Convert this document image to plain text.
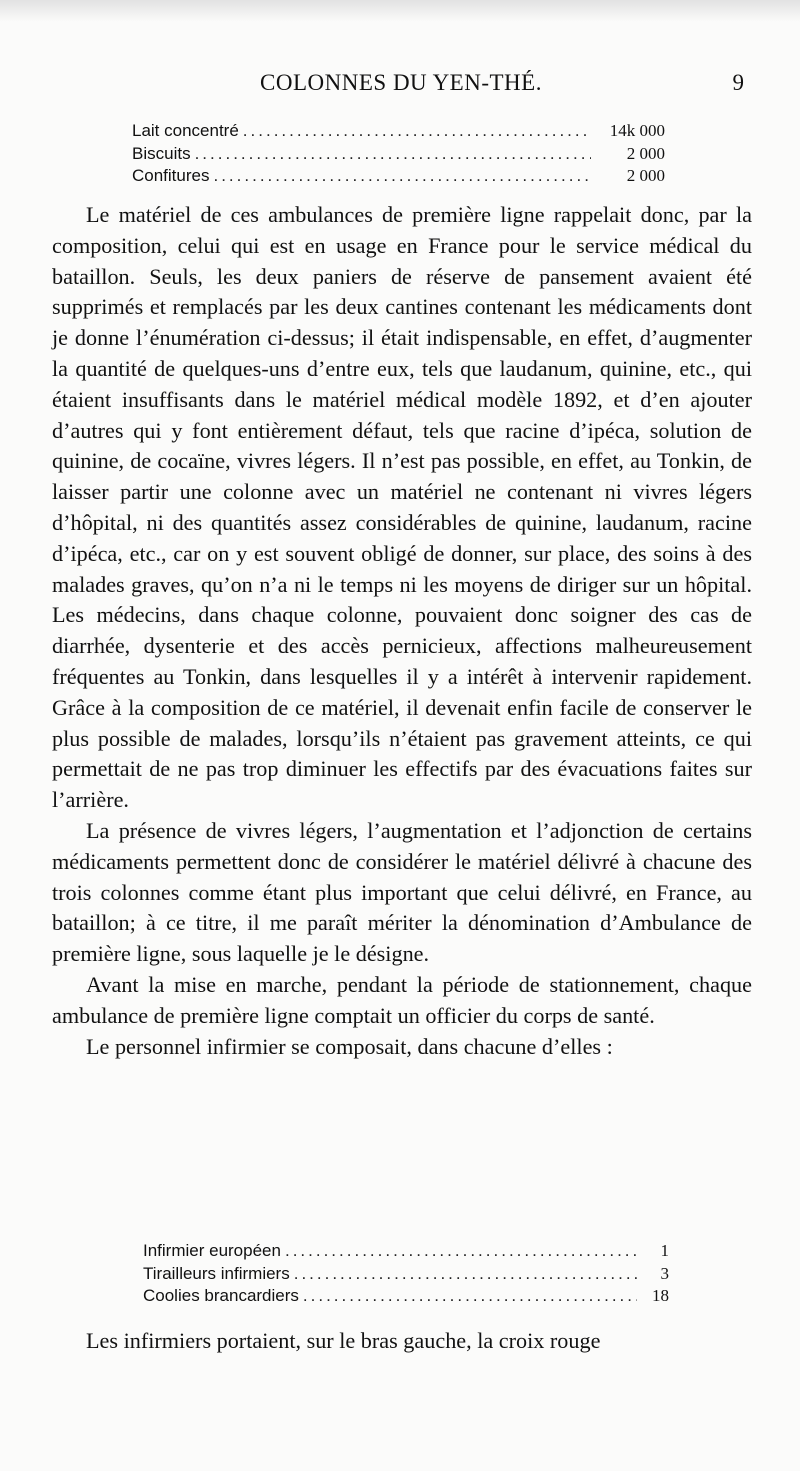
COLONNES DU YEN-THÉ.	9
Lait concentré .....	14k 000
Biscuits .....	2 000
Confitures .....	2 000

Le matériel de ces ambulances de première ligne rappelait donc, par la composition, celui qui est en usage en France pour le service médical du bataillon. Seuls, les deux paniers de réserve de pansement avaient été supprimés et remplacés par les deux cantines contenant les médicaments dont je donne l’énumération ci-dessus; il était indispensable, en effet, d’augmenter la quantité de quelques-uns d’entre eux, tels que laudanum, quinine, etc., qui étaient insuffisants dans le matériel médical modèle 1892, et d’en ajouter d’autres qui y font entièrement défaut, tels que racine d’ipéca, solution de quinine, de cocaïne, vivres légers. Il n’est pas possible, en effet, au Tonkin, de laisser partir une colonne avec un matériel ne contenant ni vivres légers d’hôpital, ni des quantités assez considérables de quinine, laudanum, racine d’ipéca, etc., car on y est souvent obligé de donner, sur place, des soins à des malades graves, qu’on n’a ni le temps ni les moyens de diriger sur un hôpital. Les médecins, dans chaque colonne, pouvaient donc soigner des cas de diarrhée, dysenterie et des accès pernicieux, affections malheureusement fréquentes au Tonkin, dans lesquelles il y a intérêt à intervenir rapidement. Grâce à la composition de ce matériel, il devenait enfin facile de conserver le plus possible de malades, lorsqu’ils n’étaient pas gravement atteints, ce qui permettait de ne pas trop diminuer les effectifs par des évacuations faites sur l’arrière.

La présence de vivres légers, l’augmentation et l’adjonction de certains médicaments permettent donc de considérer le matériel délivré à chacune des trois colonnes comme étant plus important que celui délivré, en France, au bataillon; à ce titre, il me paraît mériter la dénomination d’Ambulance de première ligne, sous laquelle je le désigne.

Avant la mise en marche, pendant la période de stationnement, chaque ambulance de première ligne comptait un officier du corps de santé.

Le personnel infirmier se composait, dans chacune d’elles :

Infirmier européen .....	1
Tirailleurs infirmiers .....	3
Coolies brancardiers .....	18

Les infirmiers portaient, sur le bras gauche, la croix rouge
